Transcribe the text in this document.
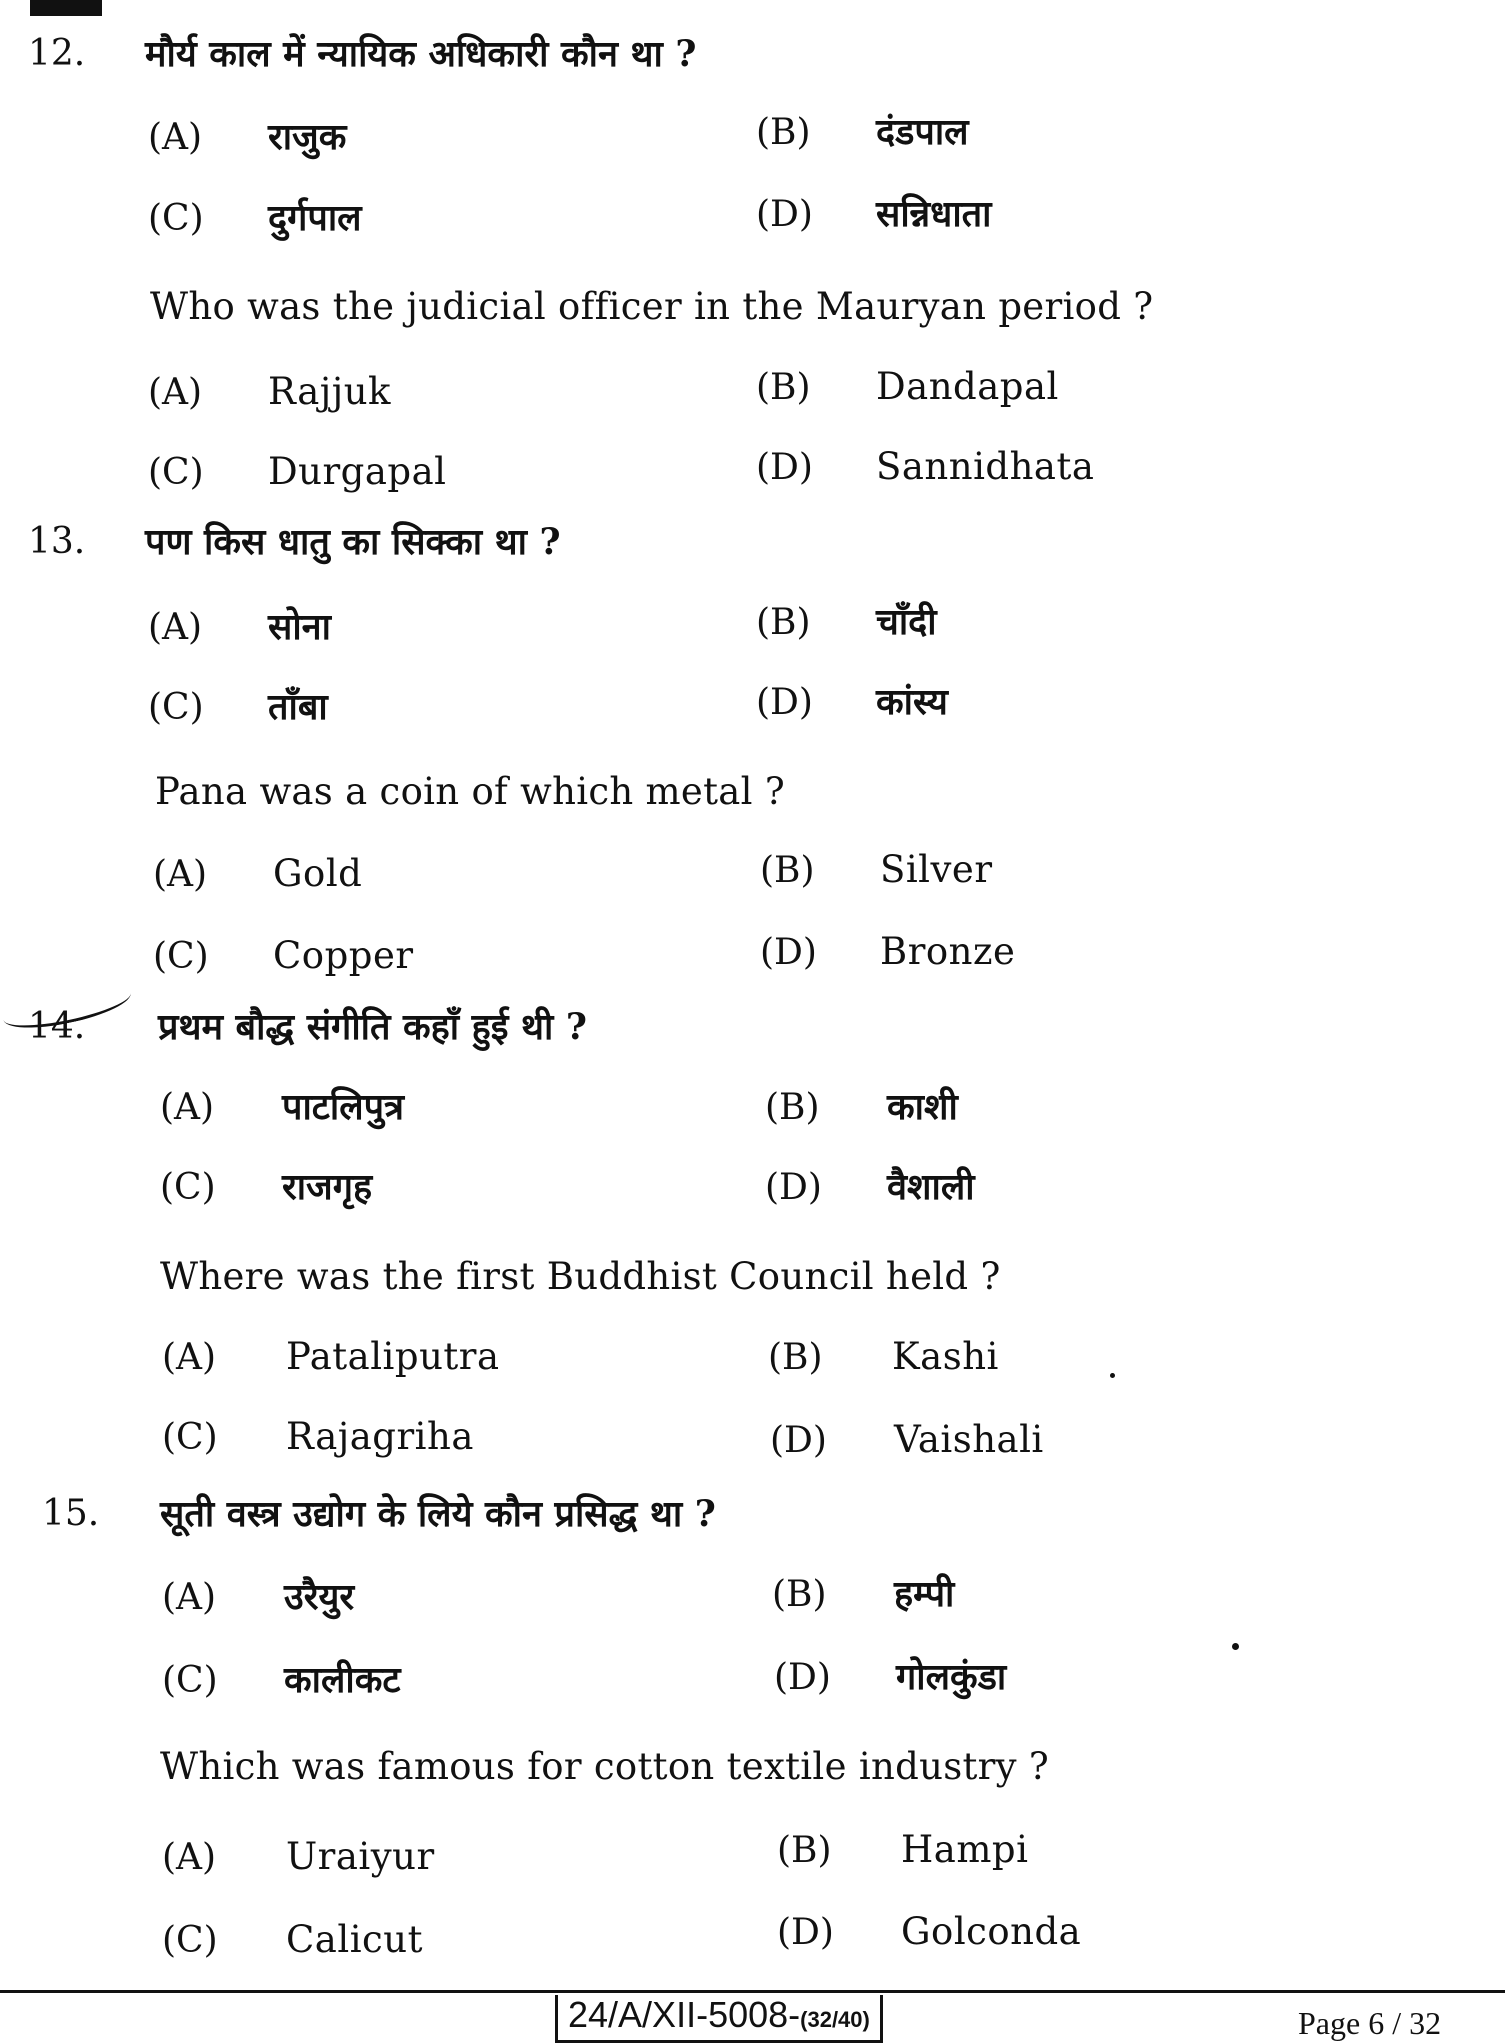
12. मौर्य काल में न्यायिक अधिकारी कौन था ?
(A) राजुक	(B) दंडपाल
(C) दुर्गपाल	(D) सन्निधाता
Who was the judicial officer in the Mauryan period ?
(A) Rajjuk	(B) Dandapal
(C) Durgapal	(D) Sannidhata
13. पण किस धातु का सिक्का था ?
(A) सोना	(B) चाँदी
(C) ताँबा	(D) कांस्य
Pana was a coin of which metal ?
(A) Gold	(B) Silver
(C) Copper	(D) Bronze
14. प्रथम बौद्ध संगीति कहाँ हुई थी ?
(A) पाटलिपुत्र	(B) काशी
(C) राजगृह	(D) वैशाली
Where was the first Buddhist Council held ?
(A) Pataliputra	(B) Kashi
(C) Rajagriha	(D) Vaishali
15. सूती वस्त्र उद्योग के लिये कौन प्रसिद्ध था ?
(A) उरैयुर	(B) हम्पी
(C) कालीकट	(D) गोलकुंडा
Which was famous for cotton textile industry ?
(A) Uraiyur	(B) Hampi
(C) Calicut	(D) Golconda
24/A/XII-5008-(32/40)	Page 6 / 32
